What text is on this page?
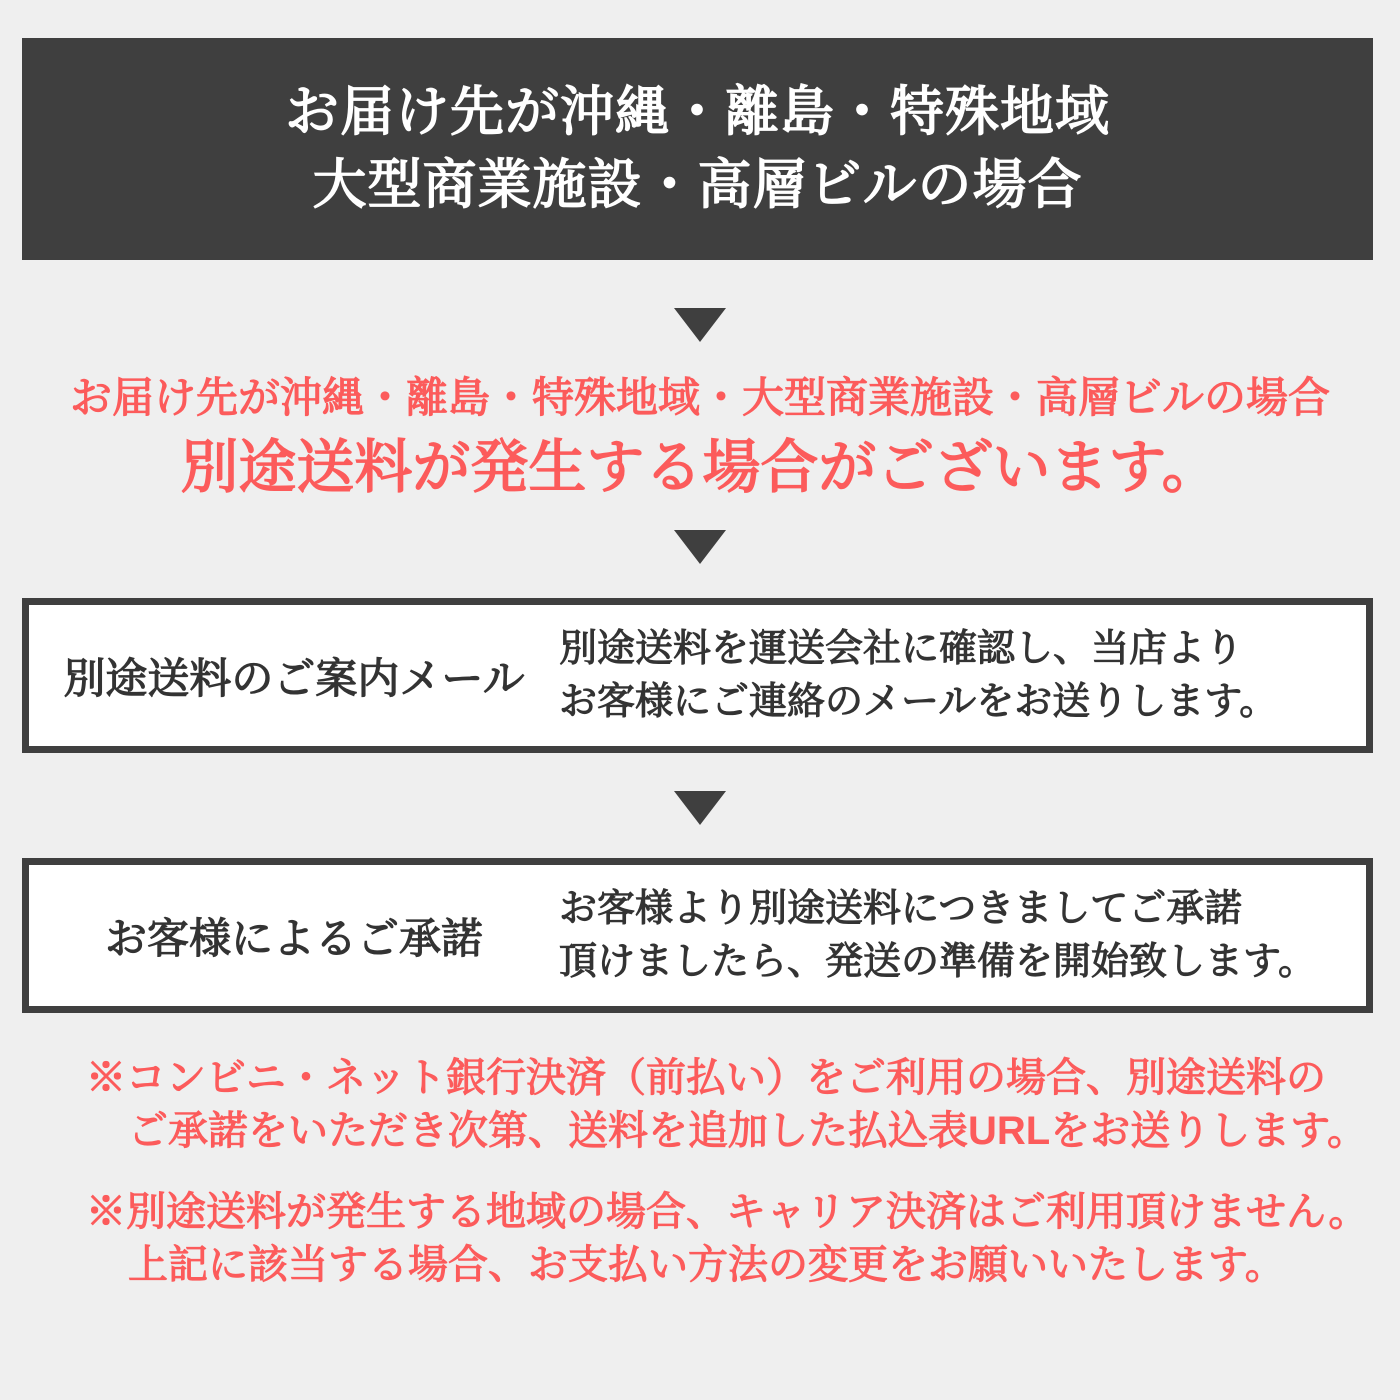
お届け先が沖縄・離島・特殊地域
大型商業施設・高層ビルの場合
お届け先が沖縄・離島・特殊地域・大型商業施設・高層ビルの場合
別途送料が発生する場合がございます。
別途送料のご案内メール
別途送料を運送会社に確認し、当店より
お客様にご連絡のメールをお送りします。
お客様によるご承諾
お客様より別途送料につきましてご承諾
頂けましたら、発送の準備を開始致します。
※コンビニ・ネット銀行決済（前払い）をご利用の場合、別途送料の
ご承諾をいただき次第、送料を追加した払込表URLをお送りします。
※別途送料が発生する地域の場合、キャリア決済はご利用頂けません。
上記に該当する場合、お支払い方法の変更をお願いいたします。
